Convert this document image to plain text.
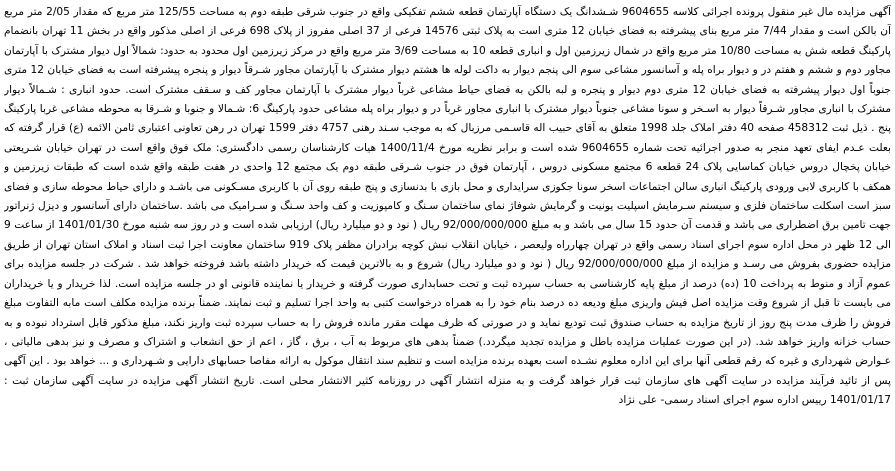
آگهی مزایده مال غیر منقول پرونده اجرائی کلاسه 9604655 شـشدانگ یک دستگاه آپارتمان قطعه ششم تفکیکی واقع در جنوب شرقی طبقه دوم به مساحت 125/55 متر مربع که مقدار 2/05 متر مربع آن بالکن است و مقدار 7/44 متر مربع بنای پیشرفته به فضای خیابان 12 متری است به پلاک ثبتی 14576 فرعی از 37 اصلی مفروز از پلاک 698 فرعی از اصلی مذکور واقع در بخش 11 تهران بانضمام پارکینگ قطعه شش به مساحت 10/80 متر مربع واقع در شمال زیرزمین اول و انباری قطعه 10 به مساحت 3/69 متر مربع واقع در مرکز زیرزمین اول محدود به حدود: شمالاً اول دیوار مشترک با آپارتمان مجاور دوم و ششم و هفتم در و دیوار براه پله و آسانسور مشاعی سوم الی پنجم دیوار به داکت لوله ها هشتم دیوار مشترک با آپارتمان مجاور شـرقاً دیوار و پنجره پیشرفته است به فضای خیابان 12 متری جنوباً اول دیوار پیشرفته به فضای خیابان 12 متری دوم دیوار و پنجره و لبه بالکن به فضای حیاط مشاعی غرباً دیوار مشترک با آپارتمان مجاور کف و سـقف مشترک است. حدود انباری : شـمالاً دیوار مشترک با انباری مجاور شـرقاً دیوار به اسـخر و سونا مشاعی جنوباً دیوار مشترک با انباری مجاور غرباً در و دیوار براه پله مشاعی حدود پارکینگ 6: شـمالا و جنوبا و شـرقا به محوطه مشاعی غربا پارکینگ پنج . ذیل ثبت 458312 صفحه 40 دفتر املاک جلد 1998 متعلق به آقای حبیب اله قاسـمی مرزبال که به موجب سـند رهنی 4757 دفتر 1599 تهران در رهن تعاونی اعتباری ثامن الائمه (ع) قرار گرفته که بعلت عـدم ایفای تعهد منجر به صدور اجرائیه تحت شماره 9604655 شده است و برابر نظریه مورخ 1400/11/4 هیات کارشناسان رسمی دادگستری: ملک فوق واقع است در تهران خیابان شـریعتی خیابان پخچال دروس خیابان کماسایی پلاک 24 قطعه 6 مجتمع مسکونی دروس ، آپارتمان فوق در جنوب شـرقی طبقه دوم یک مجتمع 12 واحدی در هفت طبقه واقع شده است که طبقات زیرزمین و همکف با کاربری لابی ورودی پارکینگ انباری سالن اجتماعات اسخر سونا جکوزی سرایداری و محل بازی با بدنسازی و پنج طبقه روی آن با کاربری مسـکونی می باشـد و دارای حیاط محوطه سازی و فضای سبز است اسکلت ساختمان فلزی و سیستم سـرمایش اسپلیت یونیت و گرمایش شوفاژ نمای ساختمان سـنگ و کامپوزیت و کف واحد سـنگ و سـرامیک می باشد .ساختمان دارای آسانسور و دیزل ژنراتور جهت تامین برق اضطراری می باشد و قدمت آن حدود 15 سال می باشد و به مبلغ 92/000/000/000 ریال ( نود و دو میلیارد ریال) ارزیابی شده است و در روز سه شنبه مورخ 1401/01/30 از ساعت 9 الی 12 ظهر در محل اداره سوم اجرای اسناد رسمی واقع در تهران چهارراه ولیعصر ، خیابان انقلاب نبش کوچه برادران مظفر پلاک 919 ساختمان معاونت اجرا ثبت اسناد و املاک استان تهران از طریق مزایده حضوری بفروش می رسـد و مزایده از مبلغ 92/000/000/000 ریال ( نود و دو میلیارد ریال) شروع و به بالاترین قیمت که خریدار داشته باشد فروخته خواهد شد . شرکت در جلسه مزایده برای عموم آزاد و منوط به پرداخت 10 (ده) درصد از مبلغ پایه کارشناسی به حساب سپرده ثبت و تحت حسابداری صورت گرفته و خریدار یا نماینده قانونی او در جلسه مزایده است. لذا خریدار و یا خریداران می بایست تا قبل از شروع وقت مزایده اصل فیش واریزی مبلغ ودیعه ده درصد بنام خود را به همراه درخواست کتبی به واحد اجرا تسلیم و ثبت نمایند. ضمناً برنده مزایده مکلف است مابه التفاوت مبلغ فروش را ظرف مدت پنج روز از تاریخ مزایده به حساب صندوق ثبت تودیع نماید و در صورتی که ظرف مهلت مقرر مانده فروش را به حساب سپرده ثبت واریز نکند، مبلغ مذکور قابل استرداد نبوده و به حساب خزانه واریز خواهد شد. (در این صورت عملیات مزایده باطل و مزایده تجدید میگردد.) ضمناً بدهی های مربوط به آب ، برق ، گاز ، اعم از حق انشعاب و اشتراک و مصرف و نیز بدهی مالیاتی ، عـوارض شهرداری و غیره که رقم قطعی آنها برای این اداره معلوم نشـده است بعهده برنده مزایده است و تنظیم سند انتقال موکول به ارائه مفاصا حسابهای دارایی و شـهرداری و ... خواهد بود . این آگهی پس از تائید فرآیند مزایده در سایت آگهی های سازمان ثبت قرار خواهد گرفت و به منزله انتشار آگهی در روزنامه کثیر الانتشار محلی است. تاریخ انتشار آگهی مزایده در سایت آگهی سازمان ثبت : 1401/01/17 رییس اداره سوم اجرای اسناد رسمی- علی نژاد
